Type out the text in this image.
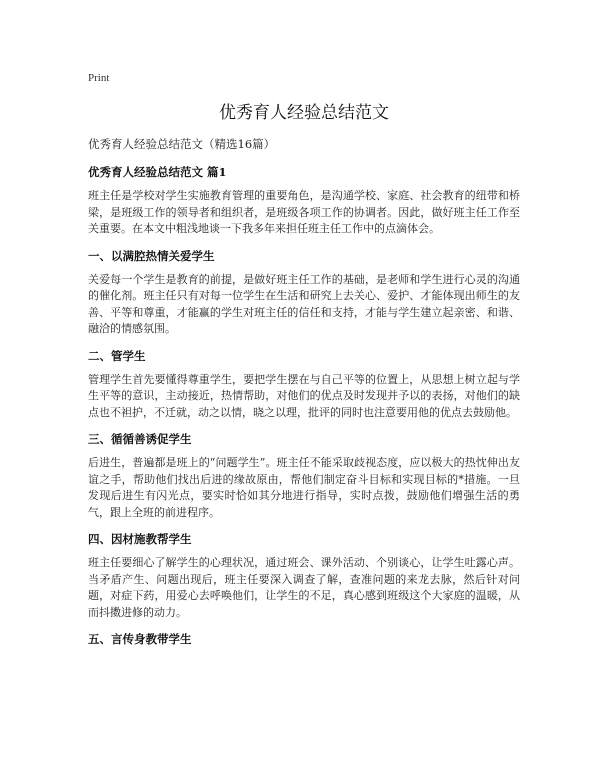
Print
优秀育人经验总结范文

优秀育人经验总结范文（精选16篇）

优秀育人经验总结范文 篇1

班主任是学校对学生实施教育管理的重要角色，是沟通学校、家庭、社会教育的纽带和桥梁，是班级工作的领导者和组织者，是班级各项工作的协调者。因此，做好班主任工作至关重要。在本文中粗浅地谈一下我多年来担任班主任工作中的点滴体会。

一、以满腔热情关爱学生

关爱每一个学生是教育的前提，是做好班主任工作的基础，是老师和学生进行心灵的沟通的催化剂。班主任只有对每一位学生在生活和研究上去关心、爱护、才能体现出师生的友善、平等和尊重，才能赢的学生对班主任的信任和支持，才能与学生建立起亲密、和谐、融洽的情感氛围。

二、管学生

管理学生首先要懂得尊重学生，要把学生摆在与自己平等的位置上，从思想上树立起与学生平等的意识，主动接近，热情帮助，对他们的优点及时发现并予以的表扬，对他们的缺点也不袒护，不迁就，动之以情，晓之以理，批评的同时也注意要用他的优点去鼓励他。

三、循循善诱促学生

后进生，普遍都是班上的“问题学生”。班主任不能采取歧视态度，应以极大的热忱伸出友谊之手，帮助他们找出后进的缘故原由，帮他们制定奋斗目标和实现目标的*措施。一旦发现后进生有闪光点，要实时恰如其分地进行指导，实时点拨，鼓励他们增强生活的勇气，跟上全班的前进程序。

四、因材施教帮学生

班主任要细心了解学生的心理状况，通过班会、课外活动、个别谈心，让学生吐露心声。当矛盾产生、问题出现后，班主任要深入调查了解，查准问题的来龙去脉，然后针对问题，对症下药，用爱心去呼唤他们，让学生的不足，真心感到班级这个大家庭的温暖，从而抖擞进修的动力。

五、言传身教带学生
